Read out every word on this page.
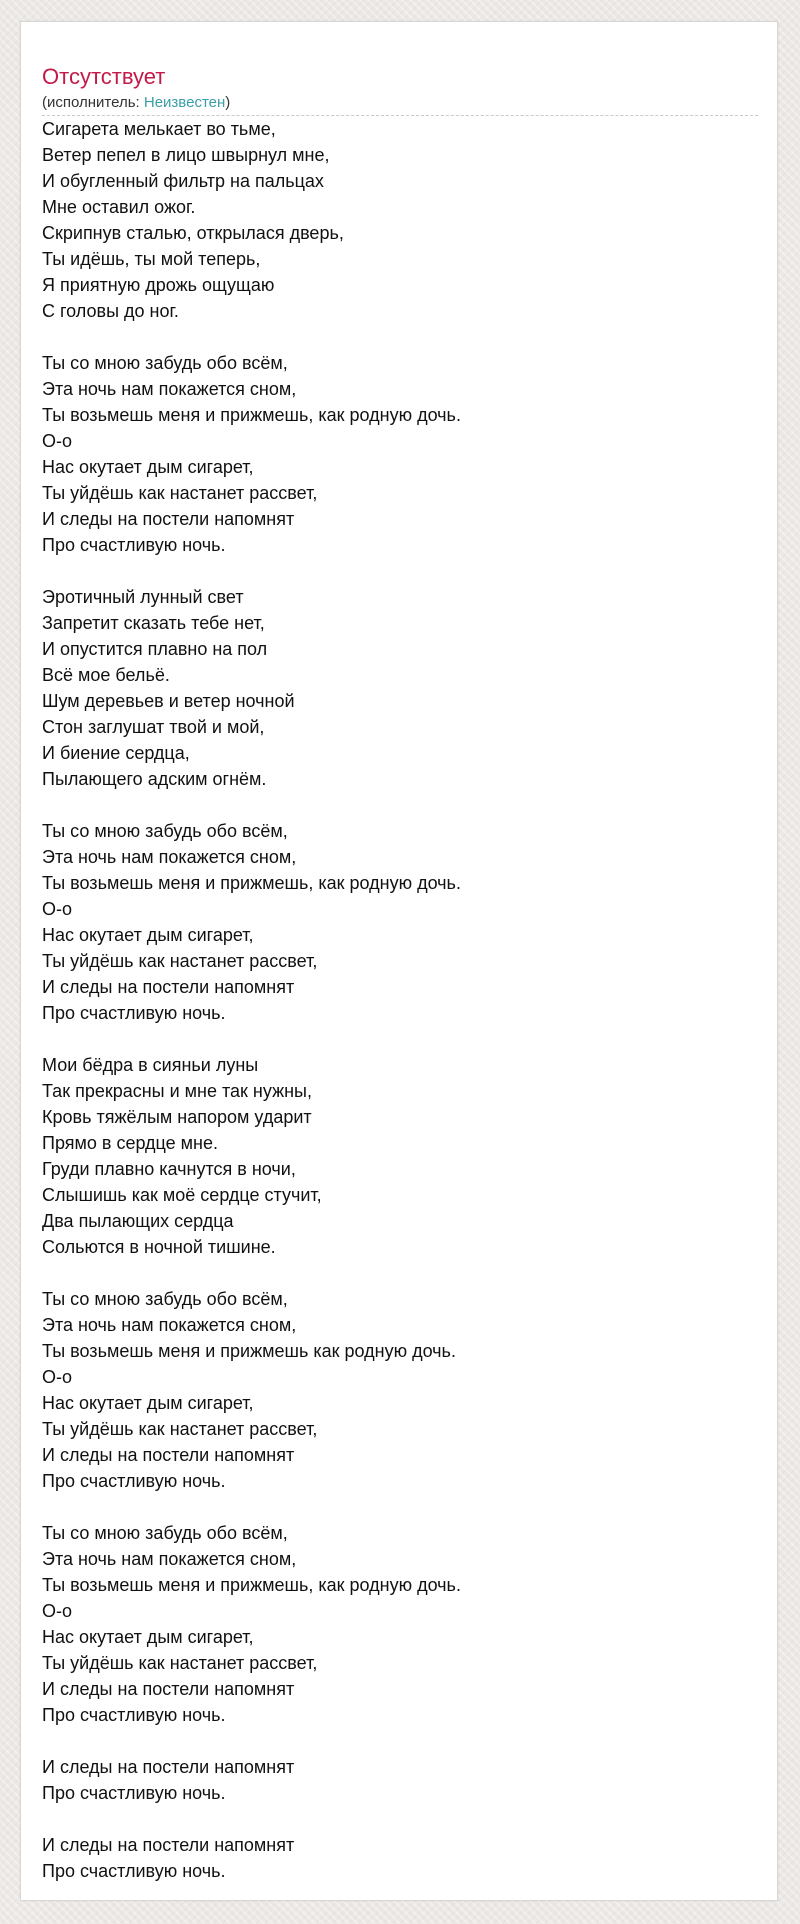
Отсутствует
(исполнитель: Неизвестен)
Сигарета мелькает во тьме,
Ветер пепел в лицо швырнул мне,
И обугленный фильтр на пальцах
Мне оставил ожог.
Скрипнув сталью, открылася дверь,
Ты идёшь, ты мой теперь,
Я приятную дрожь ощущаю
С головы до ног.
Ты со мною забудь обо всём,
Эта ночь нам покажется сном,
Ты возьмешь меня и прижмешь, как родную дочь.
О-о
Нас окутает дым сигарет,
Ты уйдёшь как настанет рассвет,
И следы на постели напомнят
Про счастливую ночь.
Эротичный лунный свет
Запретит сказать тебе нет,
И опустится плавно на пол
Всё мое бельё.
Шум деревьев и ветер ночной
Стон заглушат твой и мой,
И биение сердца,
Пылающего адским огнём.
Ты со мною забудь обо всём,
Эта ночь нам покажется сном,
Ты возьмешь меня и прижмешь, как родную дочь.
О-о
Нас окутает дым сигарет,
Ты уйдёшь как настанет рассвет,
И следы на постели напомнят
Про счастливую ночь.
Мои бёдра в сияньи луны
Так прекрасны и мне так нужны,
Кровь тяжёлым напором ударит
Прямо в сердце мне.
Груди плавно качнутся в ночи,
Слышишь как моё сердце стучит,
Два пылающих сердца
Сольются в ночной тишине.
Ты со мною забудь обо всём,
Эта ночь нам покажется сном,
Ты возьмешь меня и прижмешь как родную дочь.
О-о
Нас окутает дым сигарет,
Ты уйдёшь как настанет рассвет,
И следы на постели напомнят
Про счастливую ночь.
Ты со мною забудь обо всём,
Эта ночь нам покажется сном,
Ты возьмешь меня и прижмешь, как родную дочь.
О-о
Нас окутает дым сигарет,
Ты уйдёшь как настанет рассвет,
И следы на постели напомнят
Про счастливую ночь.
И следы на постели напомнят
Про счастливую ночь.
И следы на постели напомнят
Про счастливую ночь.
